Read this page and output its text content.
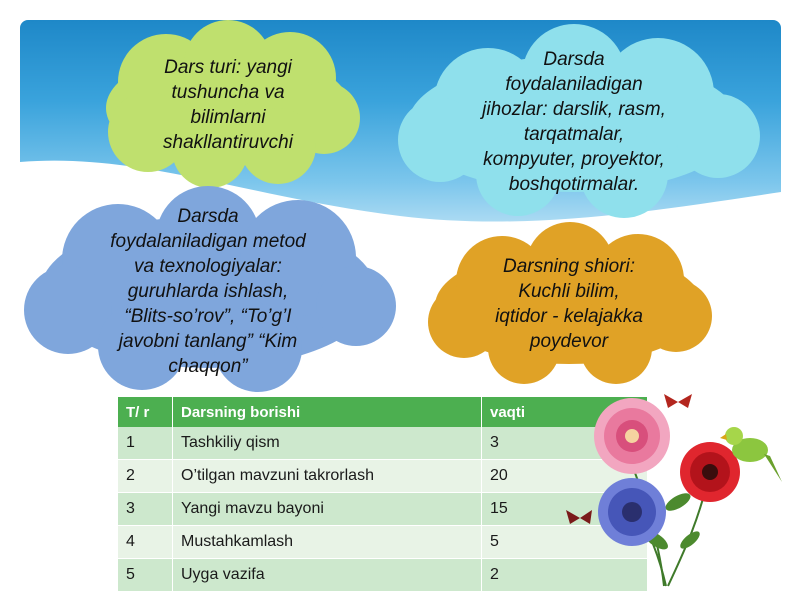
Dars turi: yangi
tushuncha va
bilimlarni
shakllantiruvchi
Darsda
foydalaniladigan
jihozlar: darslik, rasm,
tarqatmalar,
kompyuter, proyektor,
boshqotirmalar.
Darsda
foydalaniladigan metod
va texnologiyalar:
guruhlarda ishlash,
“Blits-so’rov”, “To’g’I
javobni tanlang” “Kim
chaqqon”
Darsning shiori:
Kuchli bilim,
iqtidor - kelajakka
poydevor
T/ r	Darsning borishi	vaqti
1	Tashkiliy qism	3
2	O’tilgan mavzuni takrorlash	20
3	Yangi mavzu bayoni	15
4	Mustahkamlash	5
5	Uyga vazifa	2
